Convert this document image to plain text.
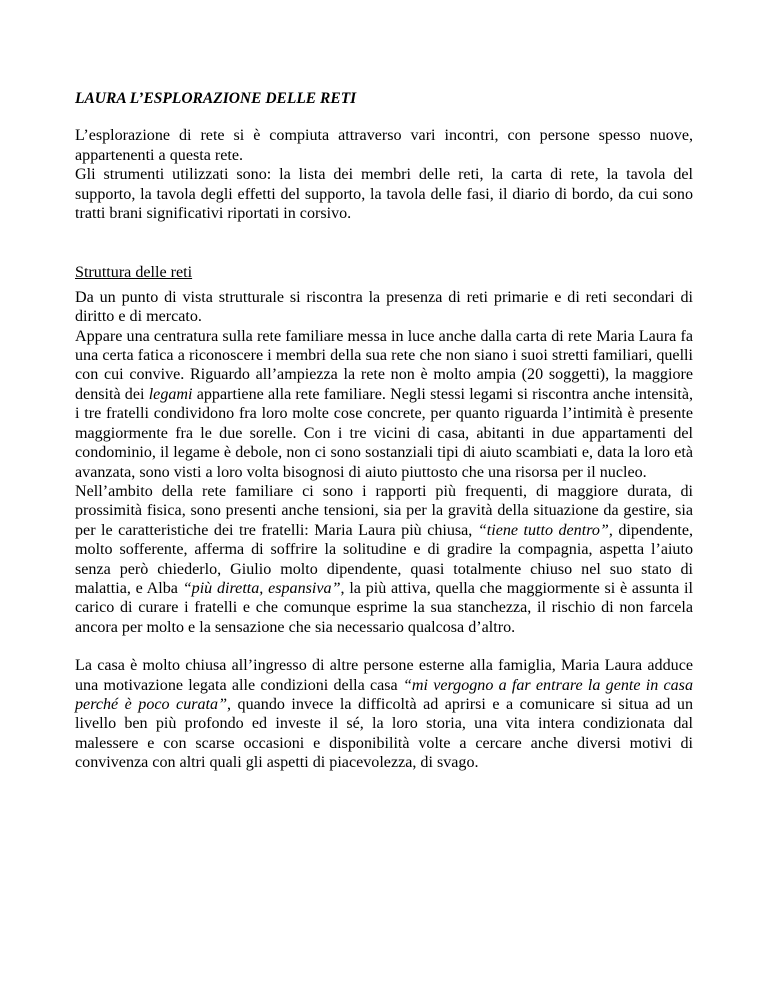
LAURA L’ESPLORAZIONE DELLE RETI

L’esplorazione di rete si è compiuta attraverso vari incontri, con persone spesso nuove, appartenenti a questa rete.

Gli strumenti utilizzati sono: la lista dei membri delle reti, la carta di rete, la tavola del supporto, la tavola degli effetti del supporto, la tavola delle fasi, il diario di bordo, da cui sono tratti brani significativi riportati in corsivo.

Struttura delle reti

Da un punto di vista strutturale si riscontra la presenza di reti primarie e di reti secondari di diritto e di mercato.

Appare una centratura sulla rete familiare messa in luce anche dalla carta di rete Maria Laura fa una certa fatica a riconoscere i membri della sua rete che non siano i suoi stretti familiari, quelli con cui convive. Riguardo all’ampiezza la rete non è molto ampia (20 soggetti), la maggiore densità dei legami appartiene alla rete familiare. Negli stessi legami si riscontra anche intensità, i tre fratelli condividono fra loro molte cose concrete, per quanto riguarda l’intimità è presente maggiormente fra le due sorelle. Con i tre vicini di casa, abitanti in due appartamenti del condominio, il legame è debole, non ci sono sostanziali tipi di aiuto scambiati e, data la loro età avanzata, sono visti a loro volta bisognosi di aiuto piuttosto che una risorsa per il nucleo.

Nell’ambito della rete familiare ci sono i rapporti più frequenti, di maggiore durata, di prossimità fisica, sono presenti anche tensioni, sia per la gravità della situazione da gestire, sia per le caratteristiche dei tre fratelli: Maria Laura più chiusa, “tiene tutto dentro”, dipendente, molto sofferente, afferma di soffrire la solitudine e di gradire la compagnia, aspetta l’aiuto senza però chiederlo, Giulio molto dipendente, quasi totalmente chiuso nel suo stato di malattia, e Alba “più diretta, espansiva”, la più attiva, quella che maggiormente si è assunta il carico di curare i fratelli e che comunque esprime la sua stanchezza, il rischio di non farcela ancora per molto e la sensazione che sia necessario qualcosa d’altro.

La casa è molto chiusa all’ingresso di altre persone esterne alla famiglia, Maria Laura adduce una motivazione legata alle condizioni della casa “mi vergogno a far entrare la gente in casa perché è poco curata”, quando invece la difficoltà ad aprirsi e a comunicare si situa ad un livello ben più profondo ed investe il sé, la loro storia, una vita intera condizionata dal malessere e con scarse occasioni e disponibilità volte a cercare anche diversi motivi di convivenza con altri quali gli aspetti di piacevolezza, di svago.
